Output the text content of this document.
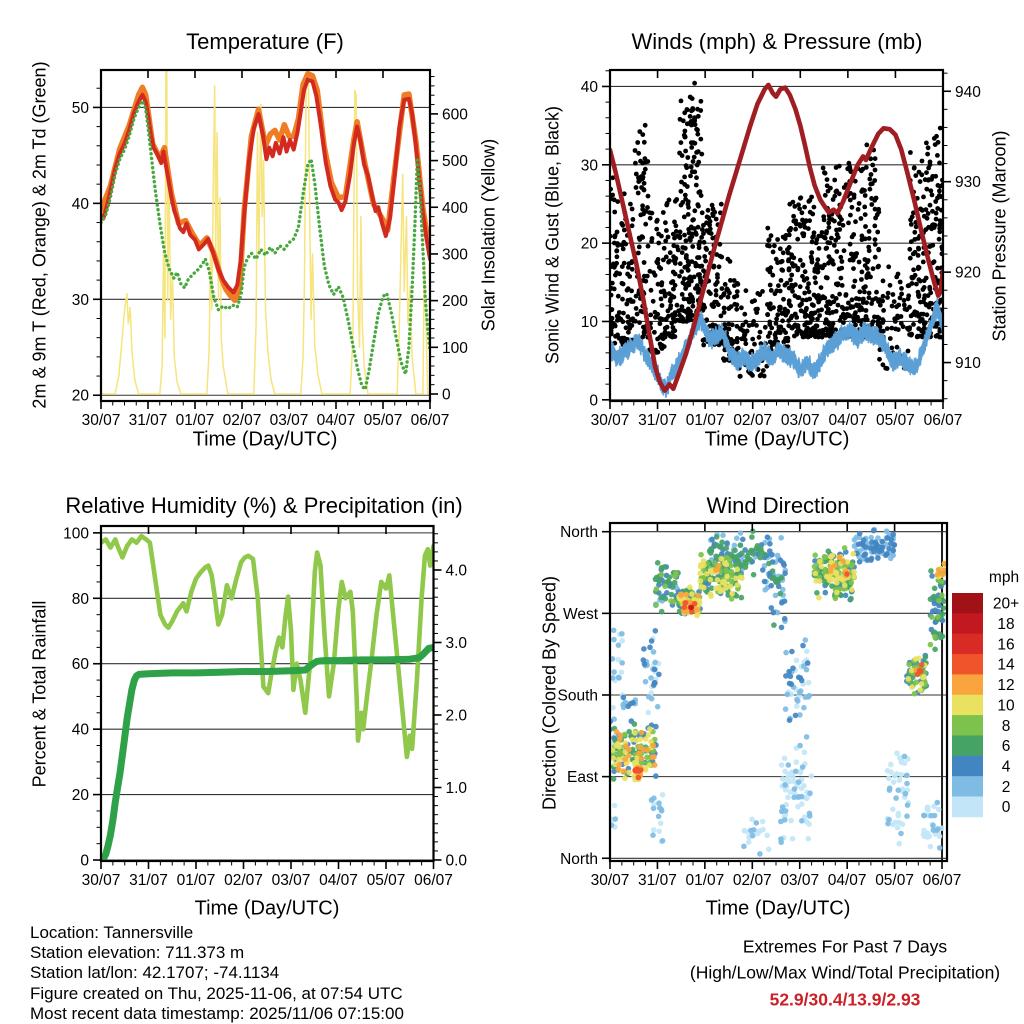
30/07 31/07 01/07 02/07 03/07 04/07 05/07 06/07
20
30
40
50
0
100
200
300
400
500
600
30/07 31/07 01/07 02/07 03/07 04/07 05/07 06/07
0
10
20
30
40
910
920
930
940
30/07 31/07 01/07 02/07 03/07 04/07 05/07 06/07
0
20
40
60
80
100
0.0
1.0
2.0
3.0
4.0
30/07 31/07 01/07 02/07 03/07 04/07 05/07 06/07
North
East
South
West
North
20+
18
16
14
12
10
8
6
4
2
0
Temperature (F)	Winds (mph) & Pressure (mb)
Relative Humidity (%) & Precipitation (in)	Wind Direction
Time (Day/UTC)	Time (Day/UTC)
Time (Day/UTC)	Time (Day/UTC)
2m & 9m T (Red, Orange) & 2m Td (Green)	Solar Insolation (Yellow) Sonic Wind & Gust (Blue, Black)	Station Pressure (Maroon)
Percent & Total Rainfall	Direction (Colored By Speed)	mph
Location: Tannersville
Station elevation: 711.373 m
Station lat/lon: 42.1707; -74.1134
Figure created on Thu, 2025-11-06, at 07:54 UTC
Most recent data timestamp: 2025/11/06 07:15:00
Extremes For Past 7 Days
(High/Low/Max Wind/Total Precipitation)
52.9/30.4/13.9/2.93
